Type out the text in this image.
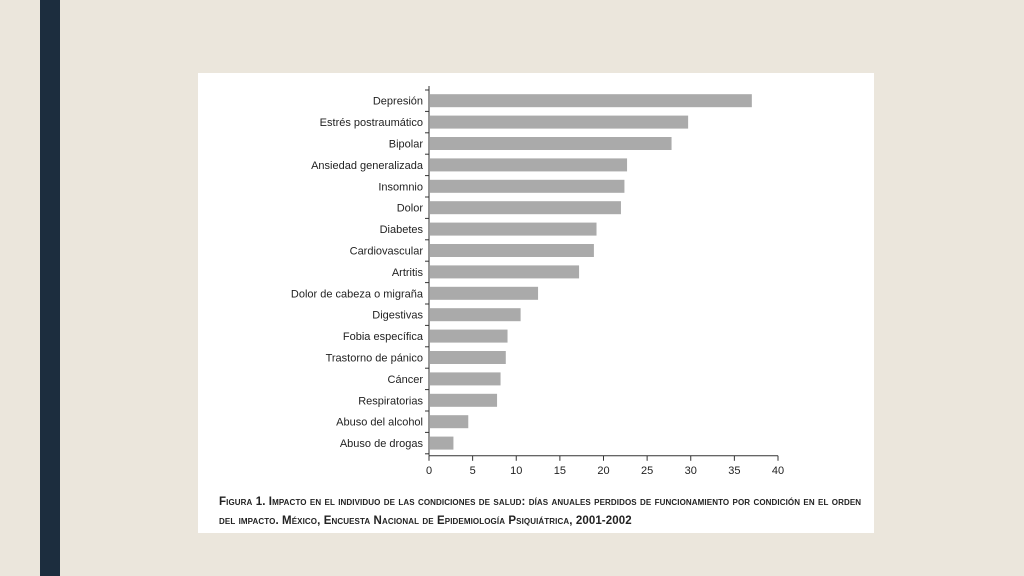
Depresión
Estrés postraumático
Bipolar
Ansiedad generalizada
Insomnio
Dolor
Diabetes
Cardiovascular
Artritis
Dolor de cabeza o migraña
Digestivas
Fobia específica
Trastorno de pánico
Cáncer
Respiratorias
Abuso del alcohol
Abuso de drogas
0	5	10	15	20	25	30	35	40
Figura 1. Impacto en el individuo de las condiciones de salud: días anuales perdidos de funcionamiento por condición en el orden del impacto. México, Encuesta Nacional de Epidemiología Psiquiátrica, 2001-2002
